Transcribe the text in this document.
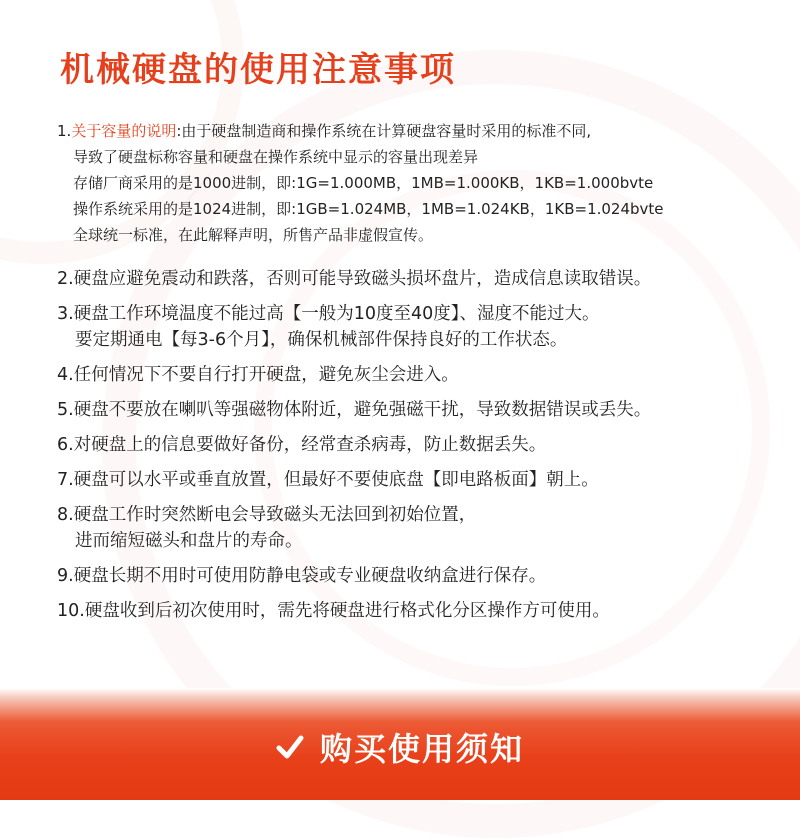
机械硬盘的使用注意事项
1.关于容量的说明:由于硬盘制造商和操作系统在计算硬盘容量时采用的标准不同,
导致了硬盘标称容量和硬盘在操作系统中显示的容量出现差异
存储厂商采用的是1000进制，即:1G=1.000MB，1MB=1.000KB，1KB=1.000bvte
操作系统采用的是1024进制，即:1GB=1.024MB，1MB=1.024KB，1KB=1.024bvte
全球统一标准，在此解释声明，所售产品非虚假宣传。
2.硬盘应避免震动和跌落，否则可能导致磁头损坏盘片，造成信息读取错误。
3.硬盘工作环境温度不能过高【一般为10度至40度】、湿度不能过大。
要定期通电【每3-6个月】，确保机械部件保持良好的工作状态。
4.任何情况下不要自行打开硬盘，避免灰尘会进入。
5.硬盘不要放在喇叭等强磁物体附近，避免强磁干扰，导致数据错误或丢失。
6.对硬盘上的信息要做好备份，经常查杀病毒，防止数据丢失。
7.硬盘可以水平或垂直放置，但最好不要使底盘【即电路板面】朝上。
8.硬盘工作时突然断电会导致磁头无法回到初始位置，
进而缩短磁头和盘片的寿命。
9.硬盘长期不用时可使用防静电袋或专业硬盘收纳盒进行保存。
10.硬盘收到后初次使用时，需先将硬盘进行格式化分区操作方可使用。
购买使用须知
